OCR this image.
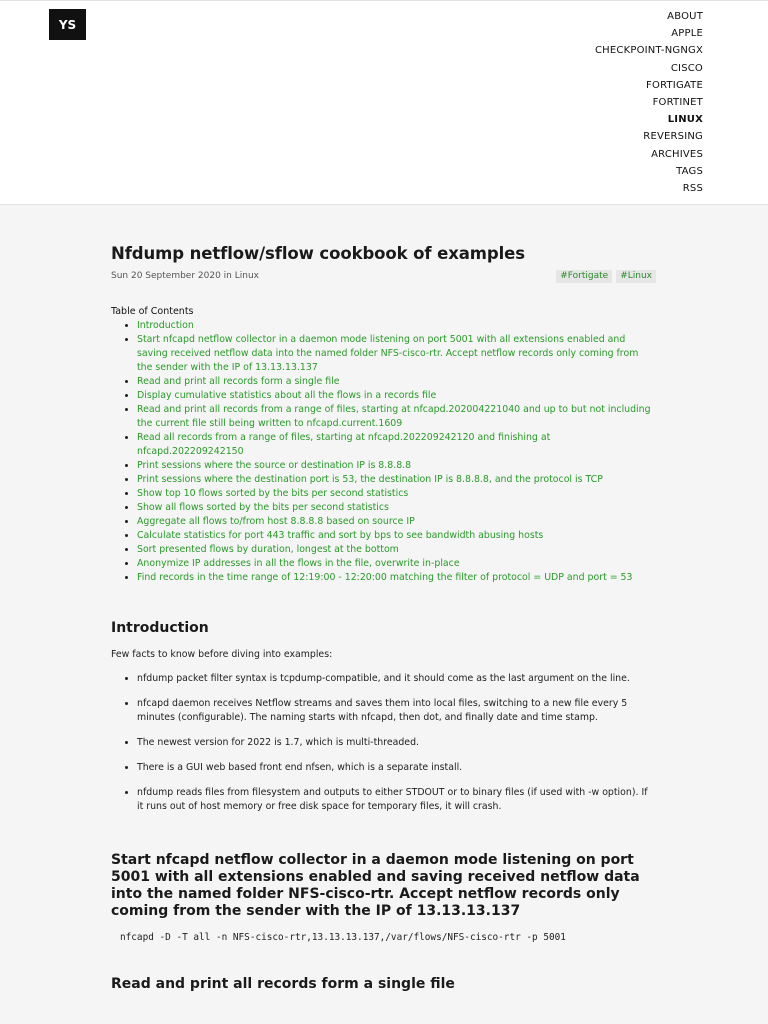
YS
ABOUT
APPLE
CHECKPOINT-NGNGX
CISCO
FORTIGATE
FORTINET
LINUX
REVERSING
ARCHIVES
TAGS
RSS
Nfdump netflow/sflow cookbook of examples
Sun 20 September 2020 in Linux	#Fortigate	#Linux
Table of Contents
• Introduction
• Start nfcapd netflow collector in a daemon mode listening on port 5001 with all extensions enabled and saving received netflow data into the named folder NFS-cisco-rtr. Accept netflow records only coming from the sender with the IP of 13.13.13.137
• Read and print all records form a single file
• Display cumulative statistics about all the flows in a records file
• Read and print all records from a range of files, starting at nfcapd.202004221040 and up to but not including the current file still being written to nfcapd.current.1609
• Read all records from a range of files, starting at nfcapd.202209242120 and finishing at nfcapd.202209242150
• Print sessions where the source or destination IP is 8.8.8.8
• Print sessions where the destination port is 53, the destination IP is 8.8.8.8, and the protocol is TCP
• Show top 10 flows sorted by the bits per second statistics
• Show all flows sorted by the bits per second statistics
• Aggregate all flows to/from host 8.8.8.8 based on source IP
• Calculate statistics for port 443 traffic and sort by bps to see bandwidth abusing hosts
• Sort presented flows by duration, longest at the bottom
• Anonymize IP addresses in all the flows in the file, overwrite in-place
• Find records in the time range of 12:19:00 - 12:20:00 matching the filter of protocol = UDP and port = 53
Introduction

Few facts to know before diving into examples:

• nfdump packet filter syntax is tcpdump-compatible, and it should come as the last argument on the line.
• nfcapd daemon receives Netflow streams and saves them into local files, switching to a new file every 5 minutes (configurable). The naming starts with nfcapd, then dot, and finally date and time stamp.
• The newest version for 2022 is 1.7, which is multi-threaded.
• There is a GUI web based front end nfsen, which is a separate install.
• nfdump reads files from filesystem and outputs to either STDOUT or to binary files (if used with -w option). If it runs out of host memory or free disk space for temporary files, it will crash.
Start nfcapd netflow collector in a daemon mode listening on port 5001 with all extensions enabled and saving received netflow data into the named folder NFS-cisco-rtr. Accept netflow records only coming from the sender with the IP of 13.13.13.137
nfcapd -D -T all -n NFS-cisco-rtr,13.13.13.137,/var/flows/NFS-cisco-rtr -p 5001
Read and print all records form a single file
